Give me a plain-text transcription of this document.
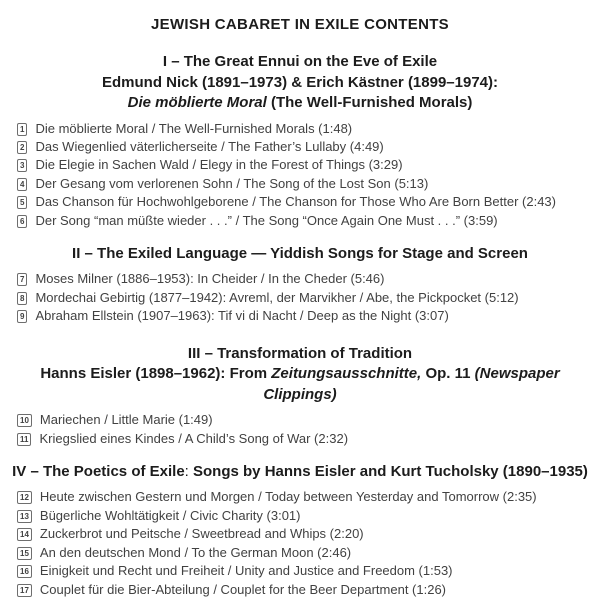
JEWISH CABARET IN EXILE CONTENTS
I – The Great Ennui on the Eve of Exile
Edmund Nick (1891–1973) & Erich Kästner (1899–1974):
Die möblierte Moral (The Well-Furnished Morals)
1 Die möblierte Moral / The Well-Furnished Morals (1:48)
2 Das Wiegenlied väterlicherseite / The Father’s Lullaby (4:49)
3 Die Elegie in Sachen Wald / Elegy in the Forest of Things (3:29)
4 Der Gesang vom verlorenen Sohn / The Song of the Lost Son (5:13)
5 Das Chanson für Hochwohlgeborene / The Chanson for Those Who Are Born Better (2:43)
6 Der Song “man müßte wieder . . .” / The Song “Once Again One Must . . .” (3:59)
II – The Exiled Language — Yiddish Songs for Stage and Screen
7 Moses Milner (1886–1953): In Cheider / In the Cheder (5:46)
8 Mordechai Gebirtig (1877–1942): Avreml, der Marvikher / Abe, the Pickpocket (5:12)
9 Abraham Ellstein (1907–1963): Tif vi di Nacht / Deep as the Night (3:07)
III – Transformation of Tradition
Hanns Eisler (1898–1962): From Zeitungsausschnitte, Op. 11 (Newspaper Clippings)
10 Mariechen / Little Marie (1:49)
11 Kriegslied eines Kindes / A Child’s Song of War (2:32)
IV – The Poetics of Exile: Songs by Hanns Eisler and Kurt Tucholsky (1890–1935)
12 Heute zwischen Gestern und Morgen / Today between Yesterday and Tomorrow (2:35)
13 Bügerliche Wohltätigkeit / Civic Charity (3:01)
14 Zuckerbrot und Peitsche / Sweetbread and Whips (2:20)
15 An den deutschen Mond / To the German Moon (2:46)
16 Einigkeit und Recht und Freiheit / Unity and Justice and Freedom (1:53)
17 Couplet für die Bier-Abteilung / Couplet for the Beer Department (1:26)
